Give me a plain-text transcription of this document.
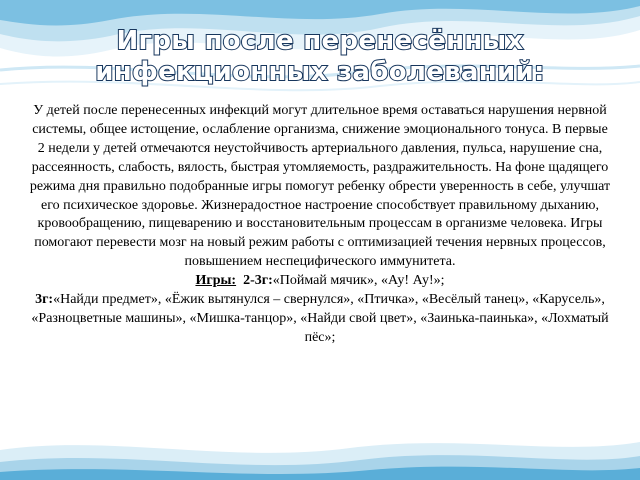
Игры после перенесённых
инфекционных заболеваний:

У детей после перенесенных инфекций могут длительное время оставаться нарушения нервной системы, общее истощение, ослабление организма, снижение эмоционального тонуса. В первые 2 недели у детей отмечаются неустойчивость артериального давления, пульса, нарушение сна, рассеянность, слабость, вялость, быстрая утомляемость, раздражительность. На фоне щадящего режима дня правильно подобранные игры помогут ребенку обрести уверенность в себе, улучшат его психическое здоровье. Жизнерадостное настроение способствует правильному дыханию, кровообращению, пищеварению и восстановительным процессам в организме человека. Игры помогают перевести мозг на новый режим работы с оптимизацией течения нервных процессов, повышением неспецифического иммунитета.

Игры: 2-3г:«Поймай мячик», «Ау! Ау!»;

3г:«Найди предмет», «Ёжик вытянулся – свернулся», «Птичка», «Весёлый танец», «Карусель», «Разноцветные машины», «Мишка-танцор», «Найди свой цвет», «Заинька-паинька», «Лохматый пёс»;
